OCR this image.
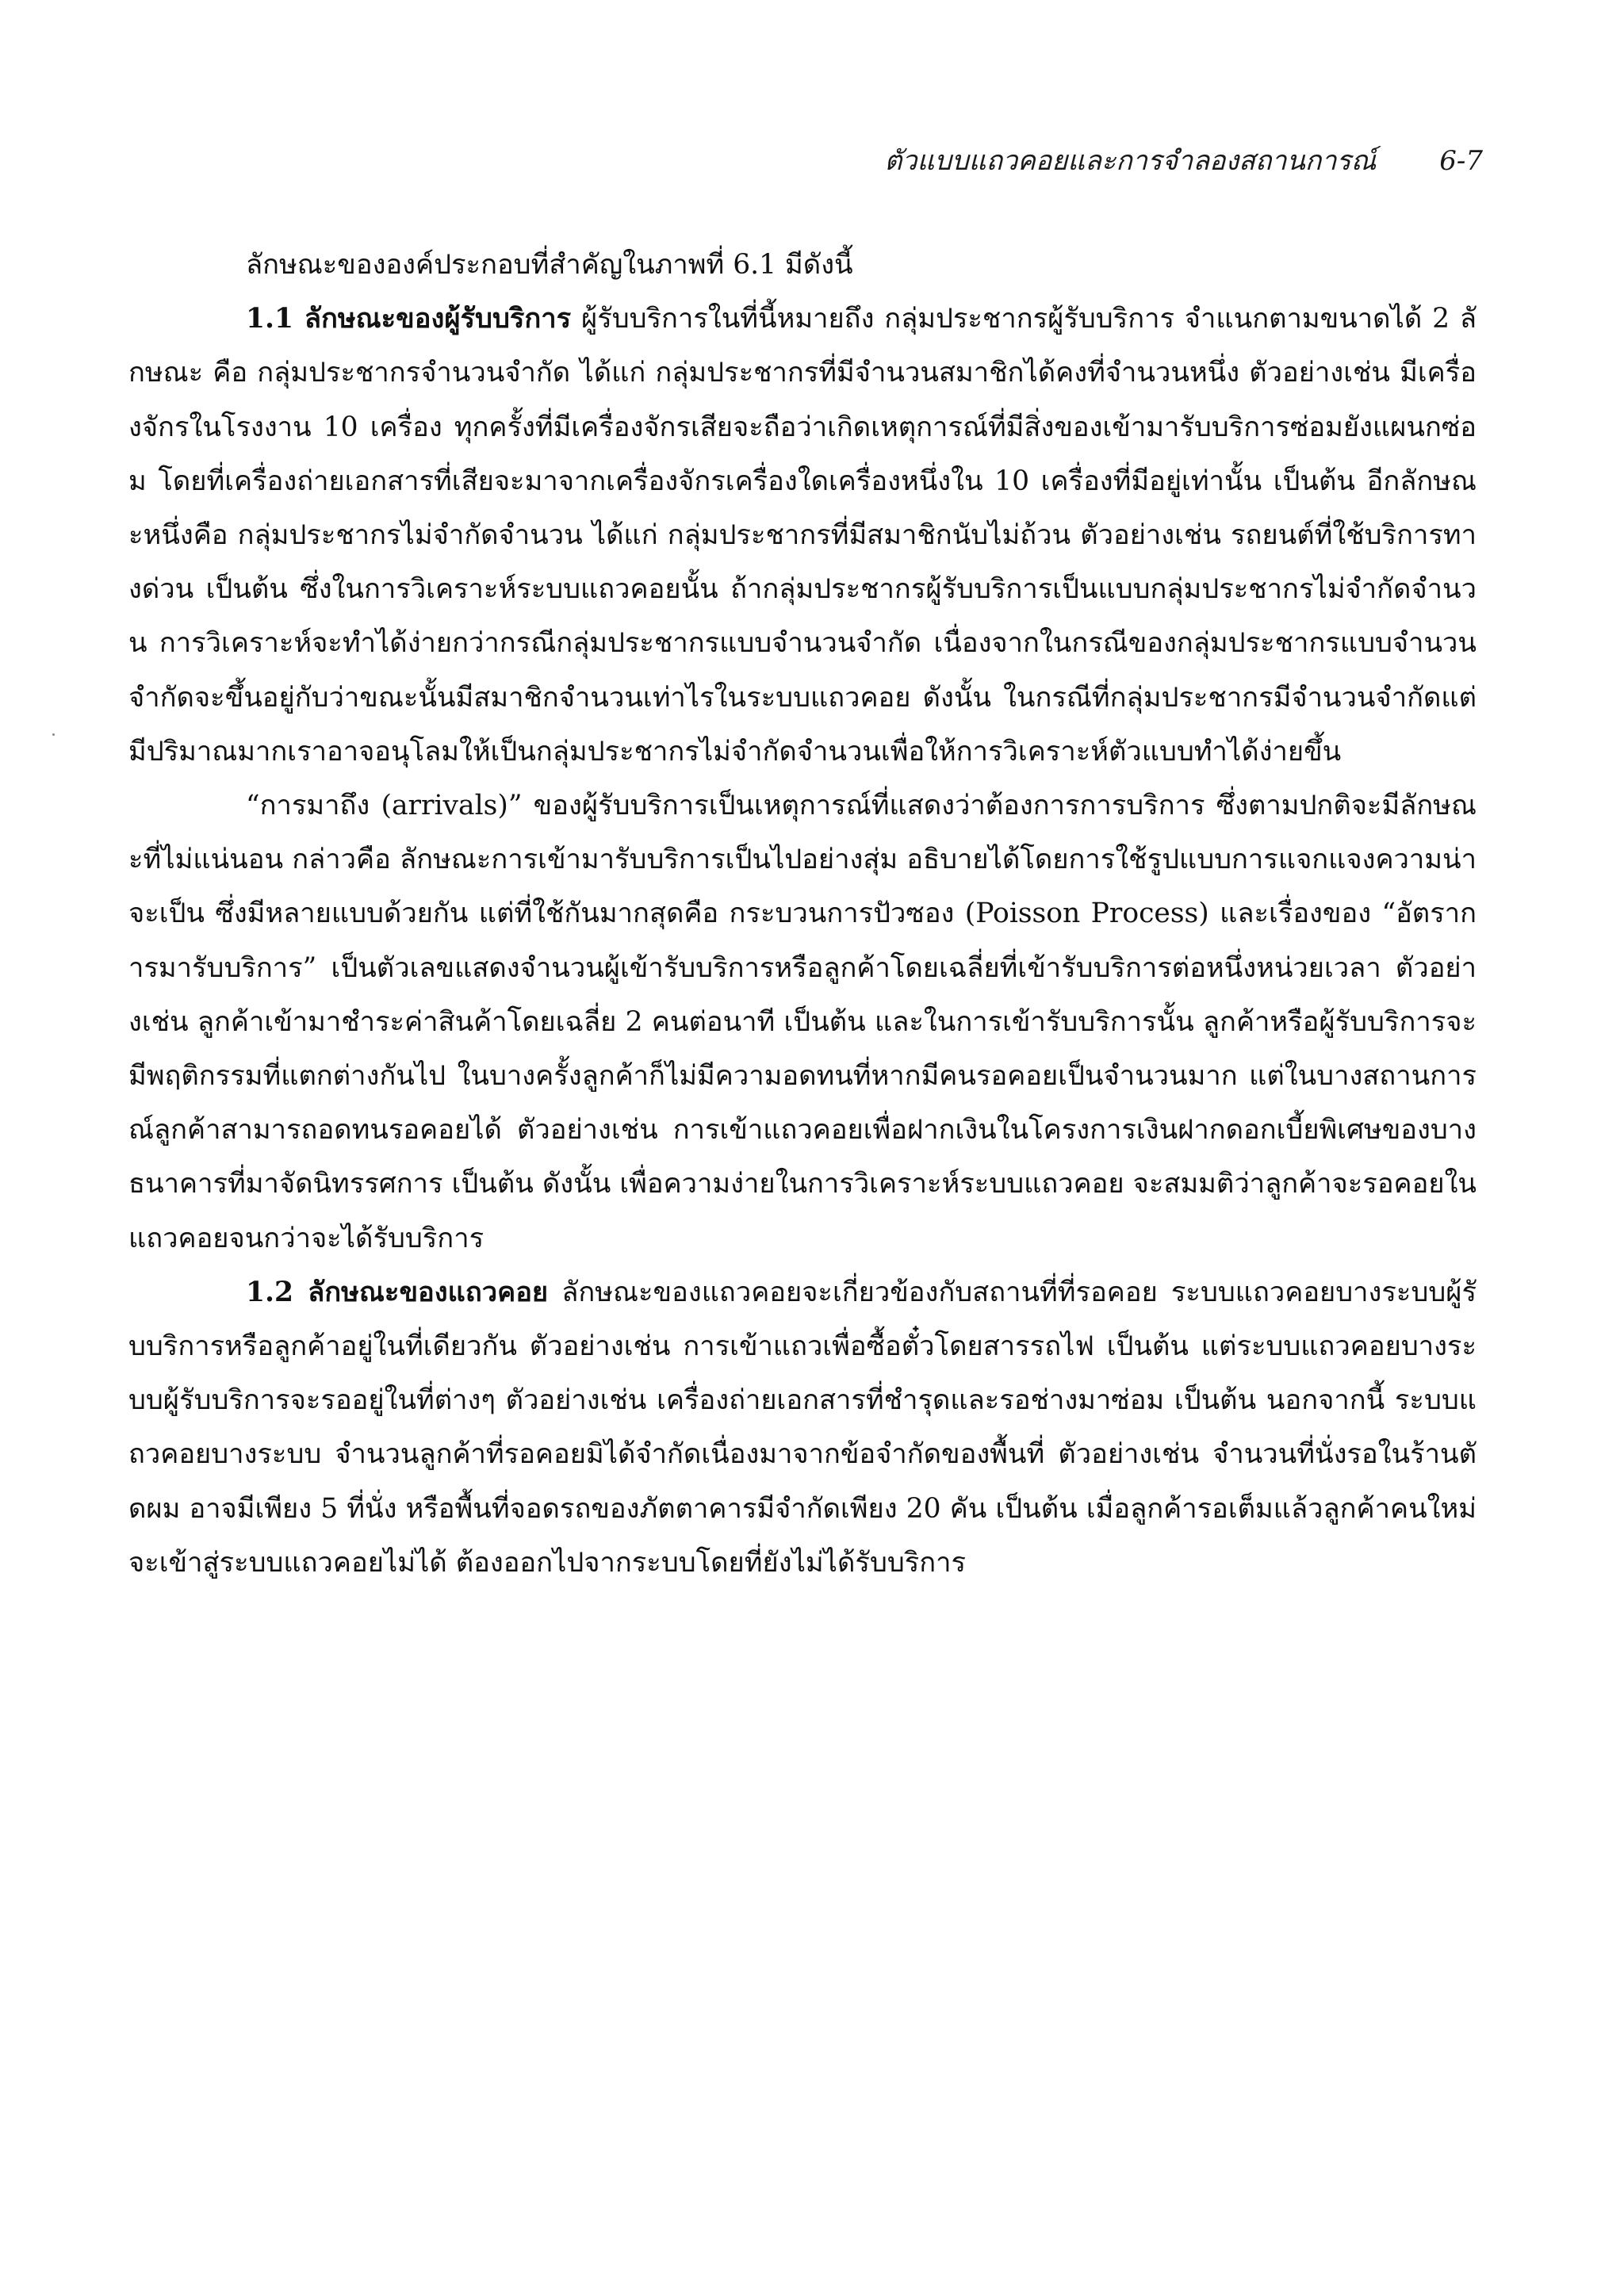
ตัวแบบแถวคอยและการจำลองสถานการณ์ 6-7

ลักษณะขององค์ประกอบที่สำคัญในภาพที่ 6.1 มีดังนี้

1.1 ลักษณะของผู้รับบริการ ผู้รับบริการในที่นี้หมายถึง กลุ่มประชากรผู้รับบริการ จำแนกตามขนาดได้ 2 ลักษณะ คือ กลุ่มประชากรจำนวนจำกัด ได้แก่ กลุ่มประชากรที่มีจำนวนสมาชิกได้คงที่จำนวนหนึ่ง ตัวอย่างเช่น มีเครื่องจักรในโรงงาน 10 เครื่อง ทุกครั้งที่มีเครื่องจักรเสียจะถือว่าเกิดเหตุการณ์ที่มีสิ่งของเข้ามารับบริการซ่อมยังแผนกซ่อม โดยที่เครื่องถ่ายเอกสารที่เสียจะมาจากเครื่องจักรเครื่องใดเครื่องหนึ่งใน 10 เครื่องที่มีอยู่เท่านั้น เป็นต้น อีกลักษณะหนึ่งคือ กลุ่มประชากรไม่จำกัดจำนวน ได้แก่ กลุ่มประชากรที่มีสมาชิกนับไม่ถ้วน ตัวอย่างเช่น รถยนต์ที่ใช้บริการทางด่วน เป็นต้น ซึ่งในการวิเคราะห์ระบบแถวคอยนั้น ถ้ากลุ่มประชากรผู้รับบริการเป็นแบบกลุ่มประชากรไม่จำกัดจำนวน การวิเคราะห์จะทำได้ง่ายกว่ากรณีกลุ่มประชากรแบบจำนวนจำกัด เนื่องจากในกรณีของกลุ่มประชากรแบบจำนวนจำกัดจะขึ้นอยู่กับว่าขณะนั้นมีสมาชิกจำนวนเท่าไรในระบบแถวคอย ดังนั้น ในกรณีที่กลุ่มประชากรมีจำนวนจำกัดแต่มีปริมาณมากเราอาจอนุโลมให้เป็นกลุ่มประชากรไม่จำกัดจำนวนเพื่อให้การวิเคราะห์ตัวแบบทำได้ง่ายขึ้น

“การมาถึง (arrivals)” ของผู้รับบริการเป็นเหตุการณ์ที่แสดงว่าต้องการการบริการ ซึ่งตามปกติจะมีลักษณะที่ไม่แน่นอน กล่าวคือ ลักษณะการเข้ามารับบริการเป็นไปอย่างสุ่ม อธิบายได้โดยการใช้รูปแบบการแจกแจงความน่าจะเป็น ซึ่งมีหลายแบบด้วยกัน แต่ที่ใช้กันมากสุดคือ กระบวนการปัวซอง (Poisson Process) และเรื่องของ “อัตราการมารับบริการ” เป็นตัวเลขแสดงจำนวนผู้เข้ารับบริการหรือลูกค้าโดยเฉลี่ยที่เข้ารับบริการต่อหนึ่งหน่วยเวลา ตัวอย่างเช่น ลูกค้าเข้ามาชำระค่าสินค้าโดยเฉลี่ย 2 คนต่อนาที เป็นต้น และในการเข้ารับบริการนั้น ลูกค้าหรือผู้รับบริการจะมีพฤติกรรมที่แตกต่างกันไป ในบางครั้งลูกค้าก็ไม่มีความอดทนที่หากมีคนรอคอยเป็นจำนวนมาก แต่ในบางสถานการณ์ลูกค้าสามารถอดทนรอคอยได้ ตัวอย่างเช่น การเข้าแถวคอยเพื่อฝากเงินในโครงการเงินฝากดอกเบี้ยพิเศษของบางธนาคารที่มาจัดนิทรรศการ เป็นต้น ดังนั้น เพื่อความง่ายในการวิเคราะห์ระบบแถวคอย จะสมมติว่าลูกค้าจะรอคอยในแถวคอยจนกว่าจะได้รับบริการ

1.2 ลักษณะของแถวคอย ลักษณะของแถวคอยจะเกี่ยวข้องกับสถานที่ที่รอคอย ระบบแถวคอยบางระบบผู้รับบริการหรือลูกค้าอยู่ในที่เดียวกัน ตัวอย่างเช่น การเข้าแถวเพื่อซื้อตั๋วโดยสารรถไฟ เป็นต้น แต่ระบบแถวคอยบางระบบผู้รับบริการจะรออยู่ในที่ต่างๆ ตัวอย่างเช่น เครื่องถ่ายเอกสารที่ชำรุดและรอช่างมาซ่อม เป็นต้น นอกจากนี้ ระบบแถวคอยบางระบบ จำนวนลูกค้าที่รอคอยมิได้จำกัดเนื่องมาจากข้อจำกัดของพื้นที่ ตัวอย่างเช่น จำนวนที่นั่งรอในร้านตัดผม อาจมีเพียง 5 ที่นั่ง หรือพื้นที่จอดรถของภัตตาคารมีจำกัดเพียง 20 คัน เป็นต้น เมื่อลูกค้ารอเต็มแล้วลูกค้าคนใหม่จะเข้าสู่ระบบแถวคอยไม่ได้ ต้องออกไปจากระบบโดยที่ยังไม่ได้รับบริการ
